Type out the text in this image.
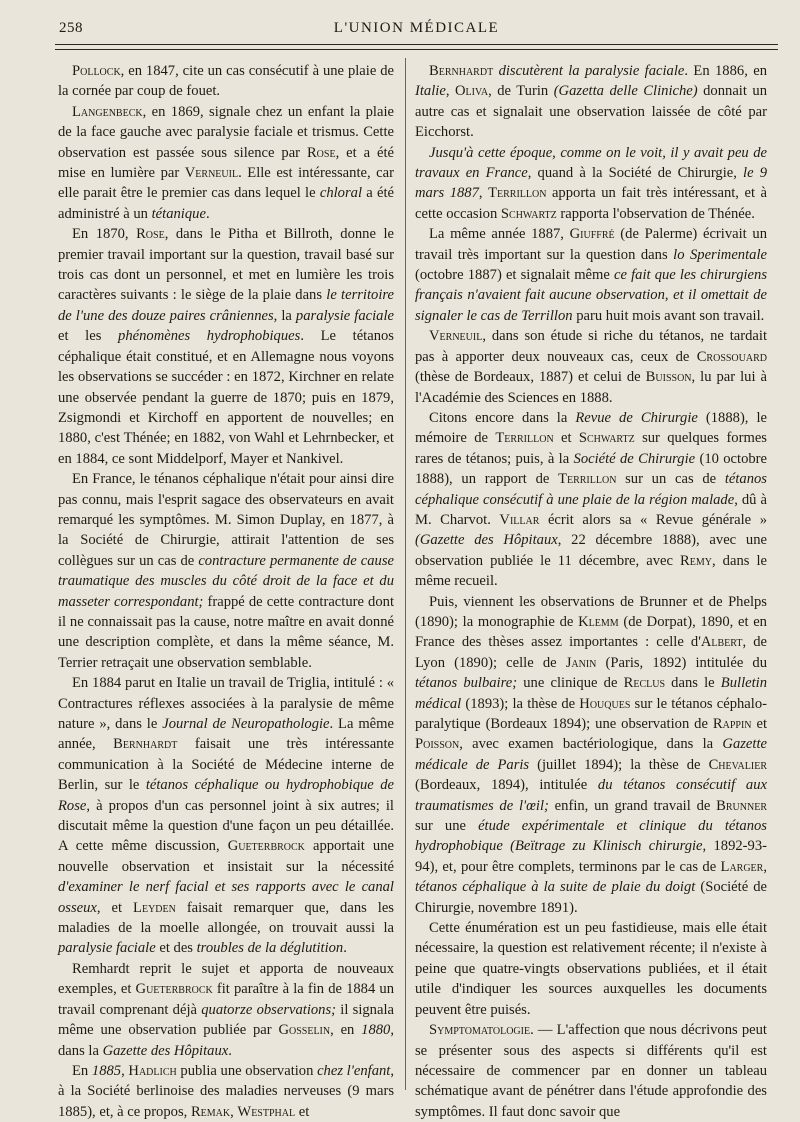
258	L'UNION MÉDICALE

Pollock, en 1847, cite un cas consécutif à une plaie de la cornée par coup de fouet.

Langenbeck, en 1869, signale chez un enfant la plaie de la face gauche avec paralysie faciale et trismus. Cette observation est passée sous silence par Rose, et a été mise en lumière par Verneuil. Elle est intéressante, car elle parait être le premier cas dans lequel le chloral a été administré à un tétanique.

En 1870, Rose, dans le Pitha et Billroth, donne le premier travail important sur la question, travail basé sur trois cas dont un personnel, et met en lumière les trois caractères suivants : le siège de la plaie dans le territoire de l'une des douze paires crâniennes, la paralysie faciale et les phénomènes hydrophobiques. Le tétanos céphalique était constitué, et en Allemagne nous voyons les observations se succéder : en 1872, Kirchner en relate une observée pendant la guerre de 1870; puis en 1879, Zsigmondi et Kirchoff en apportent de nouvelles; en 1880, c'est Thénée; en 1882, von Wahl et Lehrnbecker, et en 1884, ce sont Middelporf, Mayer et Nankivel.

En France, le ténanos céphalique n'était pour ainsi dire pas connu, mais l'esprit sagace des observateurs en avait remarqué les symptômes. M. Simon Duplay, en 1877, à la Société de Chirurgie, attirait l'attention de ses collègues sur un cas de contracture permanente de cause traumatique des muscles du côté droit de la face et du masseter correspondant; frappé de cette contracture dont il ne connaissait pas la cause, notre maître en avait donné une description complète, et dans la même séance, M. Terrier retraçait une observation semblable.

En 1884 parut en Italie un travail de Triglia, intitulé : « Contractures réflexes associées à la paralysie de même nature », dans le Journal de Neuropathologie. La même année, Bernhardt faisait une très intéressante communication à la Société de Médecine interne de Berlin, sur le tétanos céphalique ou hydrophobique de Rose, à propos d'un cas personnel joint à six autres; il discutait même la question d'une façon un peu détaillée. A cette même discussion, Gueterbrock apportait une nouvelle observation et insistait sur la nécessité d'examiner le nerf facial et ses rapports avec le canal osseux, et Leyden faisait remarquer que, dans les maladies de la moelle allongée, on trouvait aussi la paralysie faciale et des troubles de la déglutition.

Remhardt reprit le sujet et apporta de nouveaux exemples, et Gueterbrock fit paraître à la fin de 1884 un travail comprenant déjà quatorze observations; il signala même une observation publiée par Gosselin, en 1880, dans la Gazette des Hôpitaux.

En 1885, Hadlich publia une observation chez l'enfant, à la Société berlinoise des maladies nerveuses (9 mars 1885), et, à ce propos, Remak, Westphal et

Bernhardt discutèrent la paralysie faciale. En 1886, en Italie, Oliva, de Turin (Gazetta delle Cliniche) donnait un autre cas et signalait une observation laissée de côté par Eicchorst.

Jusqu'à cette époque, comme on le voit, il y avait peu de travaux en France, quand à la Société de Chirurgie, le 9 mars 1887, Terrillon apporta un fait très intéressant, et à cette occasion Schwartz rapporta l'observation de Thénée.

La même année 1887, Giuffré (de Palerme) écrivait un travail très important sur la question dans lo Sperimentale (octobre 1887) et signalait même ce fait que les chirurgiens français n'avaient fait aucune observation, et il omettait de signaler le cas de Terrillon paru huit mois avant son travail.

Verneuil, dans son étude si riche du tétanos, ne tardait pas à apporter deux nouveaux cas, ceux de Crossouard (thèse de Bordeaux, 1887) et celui de Buisson, lu par lui à l'Académie des Sciences en 1888.

Citons encore dans la Revue de Chirurgie (1888), le mémoire de Terrillon et Schwartz sur quelques formes rares de tétanos; puis, à la Société de Chirurgie (10 octobre 1888), un rapport de Terrillon sur un cas de tétanos céphalique consécutif à une plaie de la région malade, dû à M. Charvot. Villar écrit alors sa « Revue générale » (Gazette des Hôpitaux, 22 décembre 1888), avec une observation publiée le 11 décembre, avec Remy, dans le même recueil.

Puis, viennent les observations de Brunner et de Phelps (1890); la monographie de Klemm (de Dorpat), 1890, et en France des thèses assez importantes : celle d'Albert, de Lyon (1890); celle de Janin (Paris, 1892) intitulée du tétanos bulbaire; une clinique de Reclus dans le Bulletin médical (1893); la thèse de Houques sur le tétanos céphalo-paralytique (Bordeaux 1894); une observation de Rappin et Poisson, avec examen bactériologique, dans la Gazette médicale de Paris (juillet 1894); la thèse de Chevalier (Bordeaux, 1894), intitulée du tétanos consécutif aux traumatismes de l'œil; enfin, un grand travail de Brunner sur une étude expérimentale et clinique du tétanos hydrophobique (Beïtrage zu Klinisch chirurgie, 1892-93-94), et, pour être complets, terminons par le cas de Larger, tétanos céphalique à la suite de plaie du doigt (Société de Chirurgie, novembre 1891).

Cette énumération est un peu fastidieuse, mais elle était nécessaire, la question est relativement récente; il n'existe à peine que quatre-vingts observations publiées, et il était utile d'indiquer les sources auxquelles les documents peuvent être puisés.

Symptomatologie. — L'affection que nous décrivons peut se présenter sous des aspects si différents qu'il est nécessaire de commencer par en donner un tableau schématique avant de pénétrer dans l'étude approfondie des symptômes. Il faut donc savoir que
